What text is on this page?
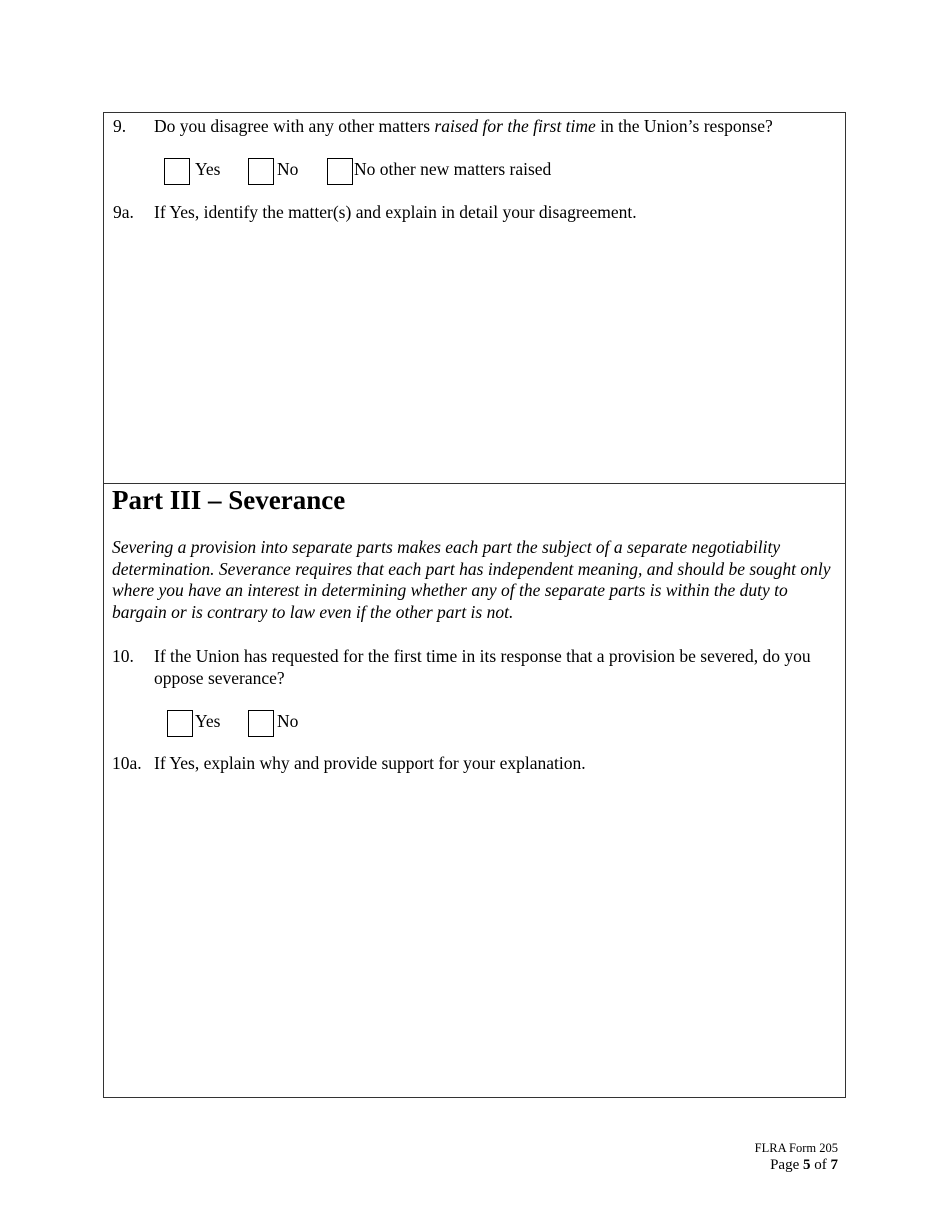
9. Do you disagree with any other matters raised for the first time in the Union’s response?
Yes	No	No other new matters raised
9a. If Yes, identify the matter(s) and explain in detail your disagreement.
Part III – Severance
Severing a provision into separate parts makes each part the subject of a separate negotiability determination. Severance requires that each part has independent meaning, and should be sought only where you have an interest in determining whether any of the separate parts is within the duty to bargain or is contrary to law even if the other part is not.
10. If the Union has requested for the first time in its response that a provision be severed, do you oppose severance?
Yes	No
10a. If Yes, explain why and provide support for your explanation.
FLRA Form 205
Page 5 of 7
